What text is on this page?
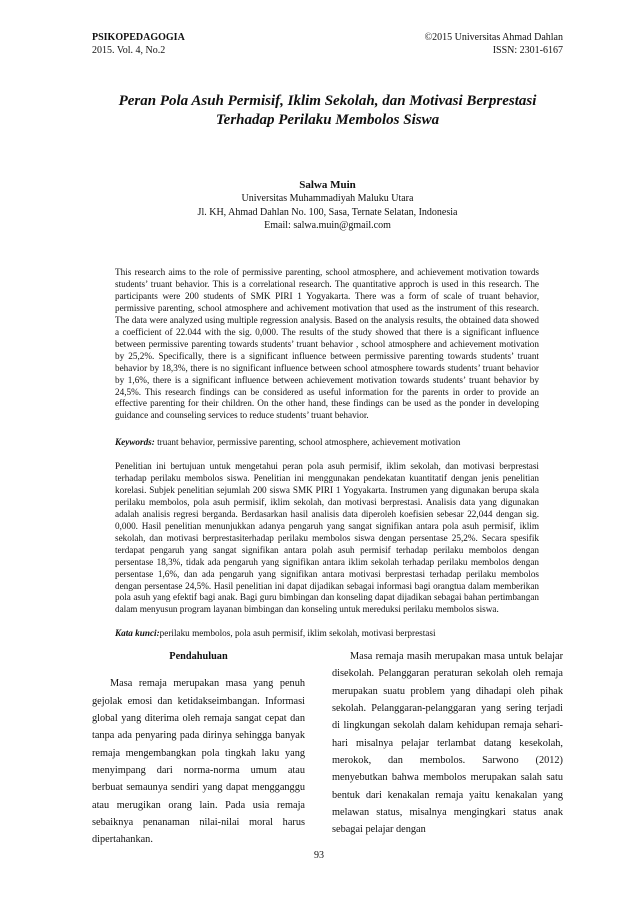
PSIKOPEDAGOGIA
2015. Vol. 4, No.2
©2015 Universitas Ahmad Dahlan
ISSN: 2301-6167
Peran Pola Asuh Permisif, Iklim Sekolah, dan Motivasi Berprestasi
Terhadap Perilaku Membolos Siswa
Salwa Muin
Universitas Muhammadiyah Maluku Utara
Jl. KH, Ahmad Dahlan No. 100, Sasa, Ternate Selatan, Indonesia
Email: salwa.muin@gmail.com
This research aims to the role of permissive parenting, school atmosphere, and achievement motivation towards students’ truant behavior. This is a correlational research. The quantitative approch is used in this research. The participants were 200 students of SMK PIRI 1 Yogyakarta. There was a form of scale of truant behavior, permissive parenting, school atmosphere and achivement motivation that used as the instrument of this research. The data were analyzed using multiple regression analysis. Based on the analysis results, the obtained data showed a coefficient of 22.044 with the sig. 0,000. The results of the study showed that there is a significant influence between permissive parenting towards students’ truant behavior , school atmosphere and achievement motivation by 25,2%. Specifically, there is a significant influence between permissive parenting towards students’ truant behavior by 18,3%, there is no significant influence between school atmosphere towards students’ truant behavior by 1,6%, there is a significant influence between achievement motivation towards students’ truant behavior by 24,5%. This research findings can be considered as useful information for the parents in order to provide an effective parenting for their children. On the other hand, these findings can be used as the ponder in developing guidance and counseling services to reduce students’ truant behavior.
Keywords: truant behavior, permissive parenting, school atmosphere, achievement motivation
Penelitian ini bertujuan untuk mengetahui peran pola asuh permisif, iklim sekolah, dan motivasi berprestasi terhadap perilaku membolos siswa. Penelitian ini menggunakan pendekatan kuantitatif dengan jenis penelitian korelasi. Subjek penelitian sejumlah 200 siswa SMK PIRI 1 Yogyakarta. Instrumen yang digunakan berupa skala perilaku membolos, pola asuh permisif, iklim sekolah, dan motivasi berprestasi. Analisis data yang digunakan adalah analisis regresi berganda. Berdasarkan hasil analisis data diperoleh koefisien sebesar 22,044 dengan sig. 0,000. Hasil penelitian menunjukkan adanya pengaruh yang sangat signifikan antara pola asuh permisif, iklim sekolah, dan motivasi berprestasiterhadap perilaku membolos siswa dengan persentase 25,2%. Secara spesifik terdapat pengaruh yang sangat signifikan antara polah asuh permisif terhadap perilaku membolos dengan persentase 18,3%, tidak ada pengaruh yang signifikan antara iklim sekolah terhadap perilaku membolos dengan persentase 1,6%, dan ada pengaruh yang signifikan antara motivasi berprestasi terhadap perilaku membolos dengan persentase 24,5%. Hasil penelitian ini dapat dijadikan sebagai informasi bagi orangtua dalam memberikan pola asuh yang efektif bagi anak. Bagi guru bimbingan dan konseling dapat dijadikan sebagai bahan pertimbangan dalam menyusun program layanan bimbingan dan konseling untuk mereduksi perilaku membolos siswa.
Kata kunci:perilaku membolos, pola asuh permisif, iklim sekolah, motivasi berprestasi
Pendahuluan

Masa remaja merupakan masa yang penuh gejolak emosi dan ketidakseimbangan. Informasi global yang diterima oleh remaja sangat cepat dan tanpa ada penyaring pada dirinya sehingga banyak remaja mengembangkan pola tingkah laku yang menyimpang dari norma-norma umum atau berbuat semaunya sendiri yang dapat mengganggu atau merugikan orang lain. Pada usia remaja sebaiknya penanaman nilai-nilai moral harus dipertahankan.

Masa remaja masih merupakan masa untuk belajar disekolah. Pelanggaran peraturan sekolah oleh remaja merupakan suatu problem yang dihadapi oleh pihak sekolah. Pelanggaran-pelanggaran yang sering terjadi di lingkungan sekolah dalam kehidupan remaja sehari-hari misalnya pelajar terlambat datang kesekolah, merokok, dan membolos. Sarwono (2012) menyebutkan bahwa membolos merupakan salah satu bentuk dari kenakalan remaja yaitu kenakalan yang melawan status, misalnya mengingkari status anak sebagai pelajar dengan

93
